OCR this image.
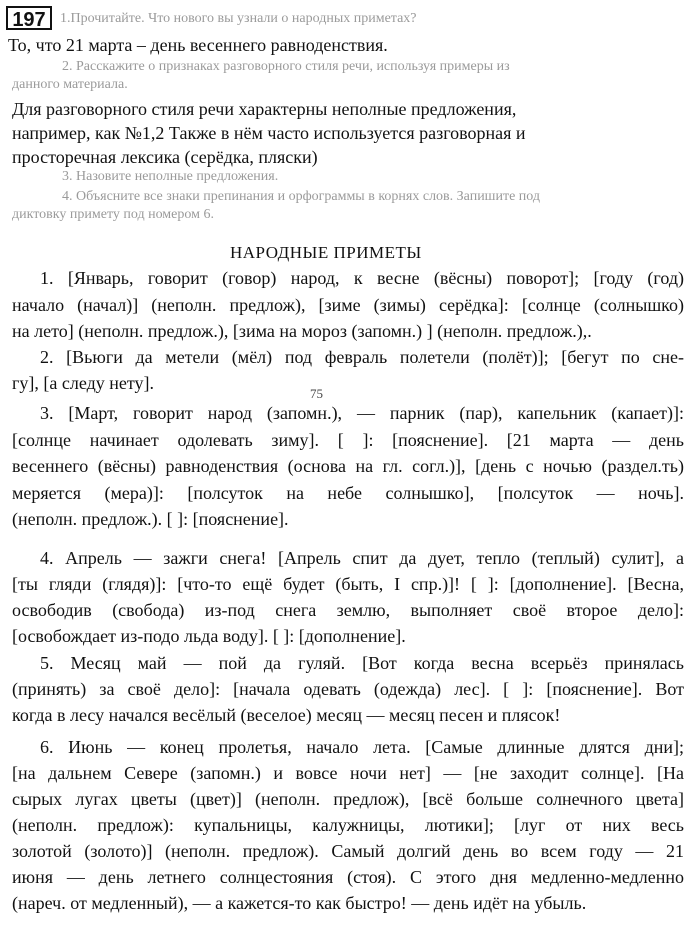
197	1.Прочитайте. Что нового вы узнали о народных приметах?
То, что 21 марта – день весеннего равноденствия.
2. Расскажите о признаках разговорного стиля речи, используя примеры из
данного материала.
Для разговорного стиля речи характерны неполные предложения,
например, как №1,2 Также в нём часто используется разговорная и
просторечная лексика (серёдка, пляски)
3. Назовите неполные предложения.
4. Объясните все знаки препинания и орфограммы в корнях слов. Запишите под
диктовку примету под номером 6.
НАРОДНЫЕ ПРИМЕТЫ
1. [Январь, говорит (говор) народ, к весне (вёсны) поворот]; [году (год)
начало (начал)] (неполн. предлож), [зиме (зимы) серёдка]: [солнце (солнышко)
на лето] (неполн. предлож.), [зима на мороз (запомн.) ] (неполн. предлож.),.
2. [Вьюги да метели (мёл) под февраль полетели (полёт)]; [бегут по сне-
гу], [а следу нету].
75
3. [Март, говорит народ (запомн.), — парник (пар), капельник (капает)]:
[солнце начинает одолевать зиму]. [ ]: [пояснение]. [21 марта — день
весеннего (вёсны) равноденствия (основа на гл. согл.)], [день с ночью (раздел.ть)
меряется (мера)]: [полсуток на небе солнышко], [полсуток — ночь].
(неполн. предлож.). [ ]: [пояснение].
4. Апрель — зажги снега! [Апрель спит да дует, тепло (теплый) сулит], а
[ты гляди (глядя)]: [что-то ещё будет (быть, I спр.)]! [ ]: [дополнение]. [Весна,
освободив (свобода) из-под снега землю, выполняет своё второе дело]:
[освобождает из-подо льда воду]. [ ]: [дополнение].
5. Месяц май — пой да гуляй. [Вот когда весна всерьёз принялась
(принять) за своё дело]: [начала одевать (одежда) лес]. [ ]: [пояснение]. Вот
когда в лесу начался весёлый (веселое) месяц — месяц песен и плясок!
6. Июнь — конец пролетья, начало лета. [Самые длинные длятся дни];
[на дальнем Севере (запомн.) и вовсе ночи нет] — [не заходит солнце]. [На
сырых лугах цветы (цвет)] (неполн. предлож), [всё больше солнечного цвета]
(неполн. предлож): купальницы, калужницы, лютики]; [луг от них весь
золотой (золото)] (неполн. предлож). Самый долгий день во всем году — 21
июня — день летнего солнцестояния (стоя). С этого дня медленно-медленно
(нареч. от медленный), — а кажется-то как быстро! — день идёт на убыль.
